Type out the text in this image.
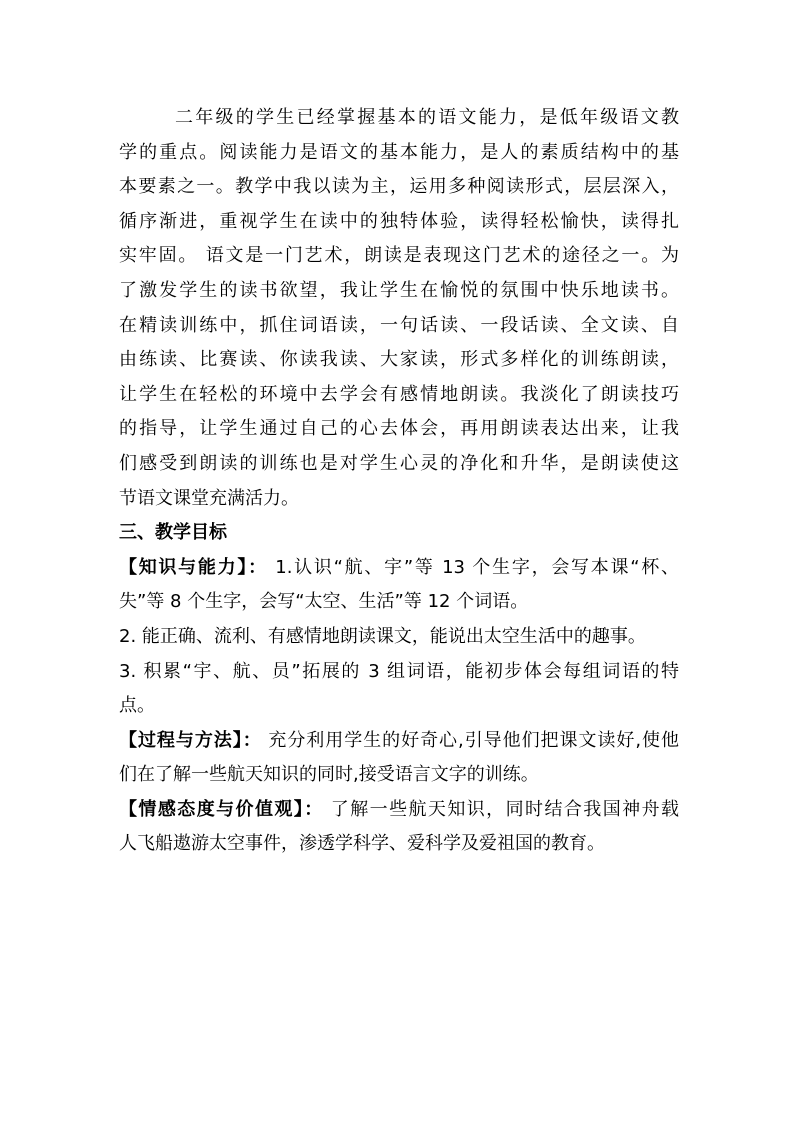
二年级的学生已经掌握基本的语文能力，是低年级语文教
学的重点。阅读能力是语文的基本能力，是人的素质结构中的基
本要素之一。教学中我以读为主，运用多种阅读形式，层层深入，
循序渐进，重视学生在读中的独特体验，读得轻松愉快，读得扎
实牢固。 语文是一门艺术，朗读是表现这门艺术的途径之一。为
了激发学生的读书欲望，我让学生在愉悦的氛围中快乐地读书。
在精读训练中，抓住词语读，一句话读、一段话读、全文读、自
由练读、比赛读、你读我读、大家读，形式多样化的训练朗读，
让学生在轻松的环境中去学会有感情地朗读。我淡化了朗读技巧
的指导，让学生通过自己的心去体会，再用朗读表达出来，让我
们感受到朗读的训练也是对学生心灵的净化和升华，是朗读使这
节语文课堂充满活力。
三、教学目标
【知识与能力】： 1.认识“航、宇”等 13 个生字，会写本课“杯、
失”等 8 个生字，会写“太空、生活”等 12 个词语。
2. 能正确、流利、有感情地朗读课文，能说出太空生活中的趣事。
3. 积累“宇、航、员”拓展的 3 组词语，能初步体会每组词语的特
点。
【过程与方法】： 充分利用学生的好奇心,引导他们把课文读好,使他
们在了解一些航天知识的同时,接受语言文字的训练。
【情感态度与价值观】： 了解一些航天知识，同时结合我国神舟载
人飞船遨游太空事件，渗透学科学、爱科学及爱祖国的教育。
